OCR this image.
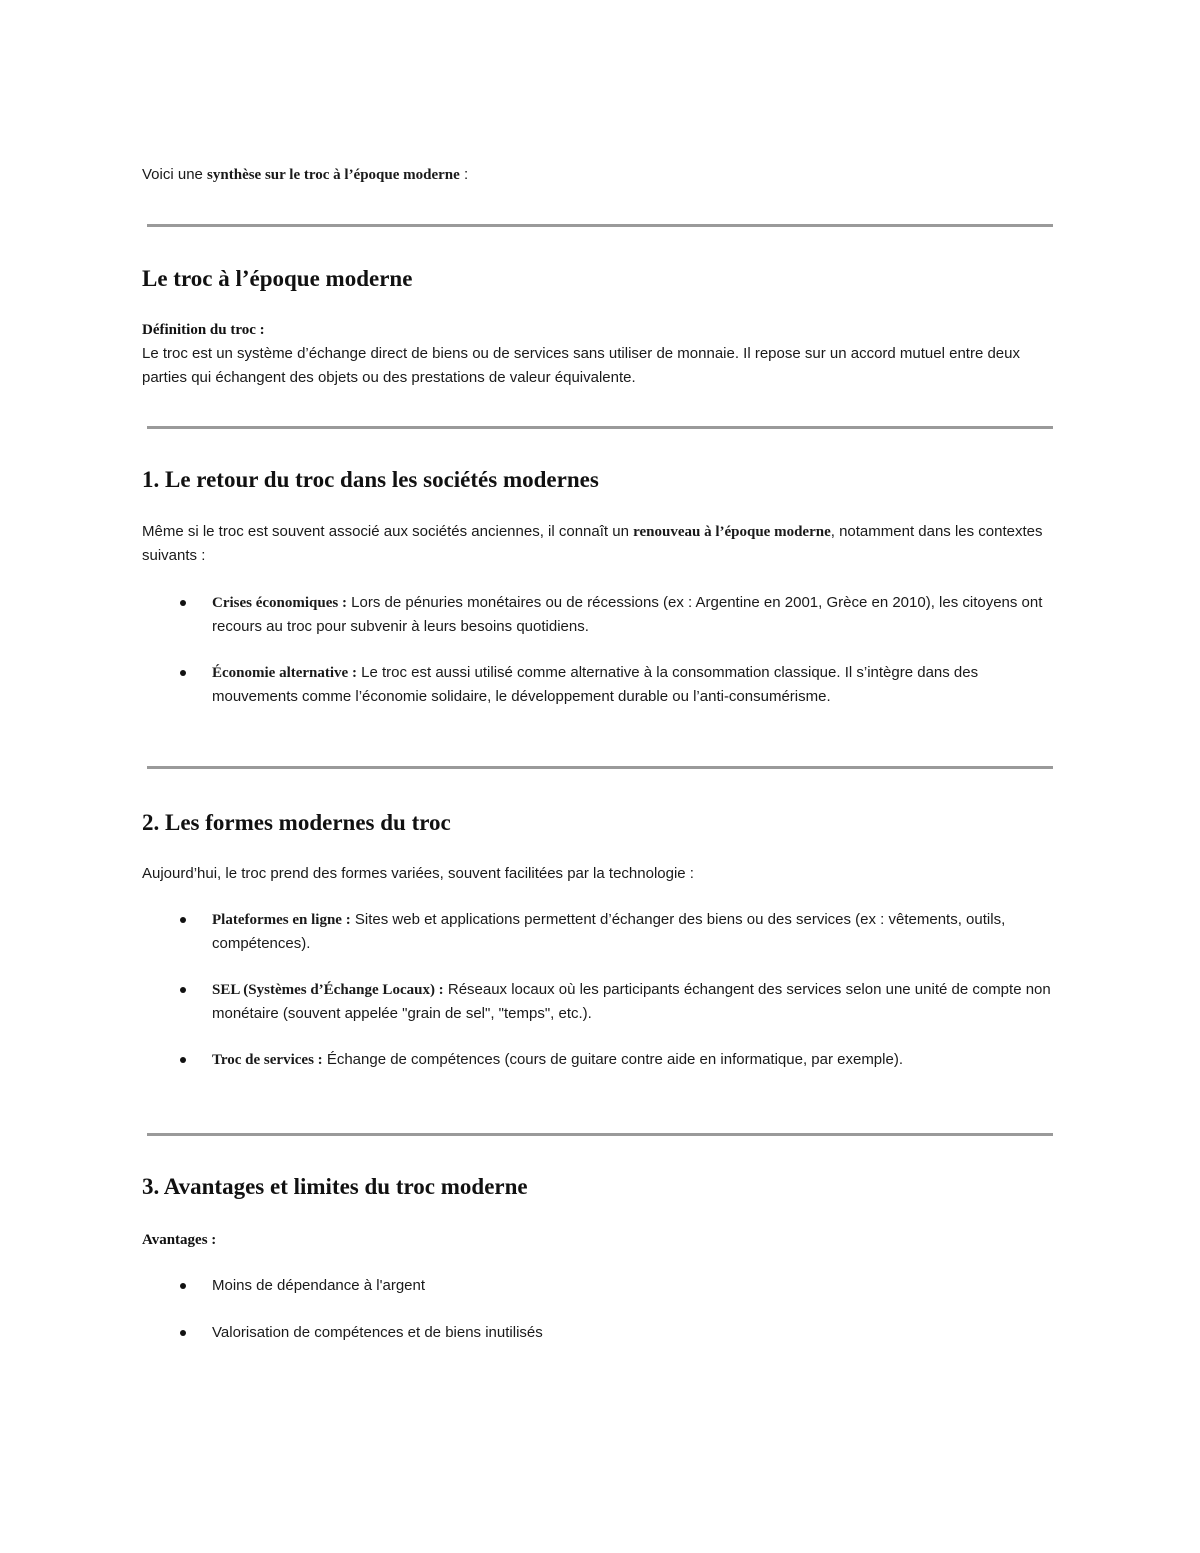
Voici une synthèse sur le troc à l’époque moderne :

Le troc à l’époque moderne
Définition du troc :

Le troc est un système d’échange direct de biens ou de services sans utiliser de monnaie. Il repose sur un accord mutuel entre deux parties qui échangent des objets ou des prestations de valeur équivalente.

1. Le retour du troc dans les sociétés modernes

Même si le troc est souvent associé aux sociétés anciennes, il connaît un renouveau à l’époque moderne, notamment dans les contextes suivants :

Crises économiques : Lors de pénuries monétaires ou de récessions (ex : Argentine en 2001, Grèce en 2010), les citoyens ont recours au troc pour subvenir à leurs besoins quotidiens.
Économie alternative : Le troc est aussi utilisé comme alternative à la consommation classique. Il s’intègre dans des mouvements comme l’économie solidaire, le développement durable ou l’anti-consumérisme.
2. Les formes modernes du troc

Aujourd’hui, le troc prend des formes variées, souvent facilitées par la technologie :

Plateformes en ligne : Sites web et applications permettent d’échanger des biens ou des services (ex : vêtements, outils, compétences).
SEL (Systèmes d’Échange Locaux) : Réseaux locaux où les participants échangent des services selon une unité de compte non monétaire (souvent appelée "grain de sel", "temps", etc.).
Troc de services : Échange de compétences (cours de guitare contre aide en informatique, par exemple).
3. Avantages et limites du troc moderne
Avantages :
Moins de dépendance à l'argent
Valorisation de compétences et de biens inutilisés
